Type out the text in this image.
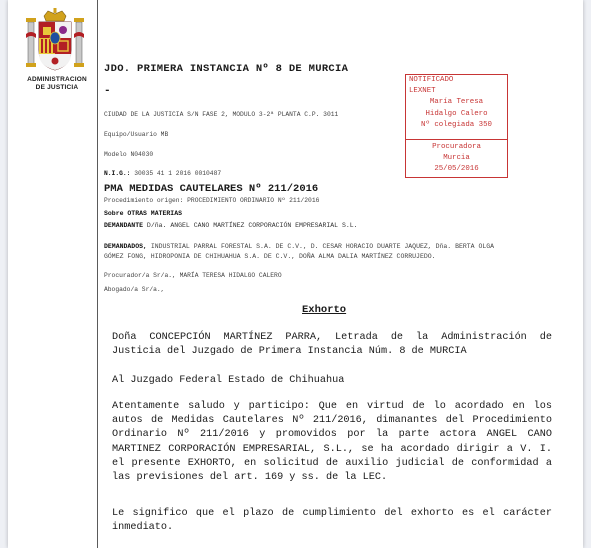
ADMINISTRACION
DE JUSTICIA
JDO. PRIMERA INSTANCIA Nº 8 DE MURCIA
-
CIUDAD DE LA JUSTICIA S/N FASE 2, MODULO 3-2ª PLANTA C.P. 3011
Equipo/Usuario MB
Modelo N04030
NOTIFICADO
LEXNET
María Teresa
Hidalgo Calero
Nº colegiada 350
Procuradora
Murcia
25/05/2016
N.I.G.: 30035 41 1 2016 0010487
PMA MEDIDAS CAUTELARES Nº 211/2016
Procedimiento origen: PROCEDIMIENTO ORDINARIO Nº 211/2016
Sobre OTRAS MATERIAS
DEMANDANTE D/ña. ANGEL CANO MARTÍNEZ CORPORACIÓN EMPRESARIAL S.L.
DEMANDADOS, INDUSTRIAL PARRAL FORESTAL S.A. DE C.V., D. CESAR HORACIO DUARTE JAQUEZ, Dña. BERTA OLGA GÓMEZ FONG, HIDROPONIA DE CHIHUAHUA S.A. DE C.V., DOÑA ALMA DALIA MARTÍNEZ CORRUJEDO.
Procurador/a Sr/a., MARÍA TERESA HIDALGO CALERO
Abogado/a Sr/a.,
Exhorto
Doña CONCEPCIÓN MARTÍNEZ PARRA, Letrada de la Administración de Justicia del Juzgado de Primera Instancia Núm. 8 de MURCIA
Al Juzgado Federal Estado de Chihuahua
Atentamente saludo y participo: Que en virtud de lo acordado en los autos de Medidas Cautelares Nº 211/2016, dimanantes del Procedimiento Ordinario Nº 211/2016 y promovidos por la parte actora ANGEL CANO MARTINEZ CORPORACIÓN EMPRESARIAL, S.L., se ha acordado dirigir a V. I. el presente EXHORTO, en solicitud de auxilio judicial de conformidad a las previsiones del art. 169 y ss. de la LEC.
Le significo que el plazo de cumplimiento del exhorto es el carácter inmediato.
